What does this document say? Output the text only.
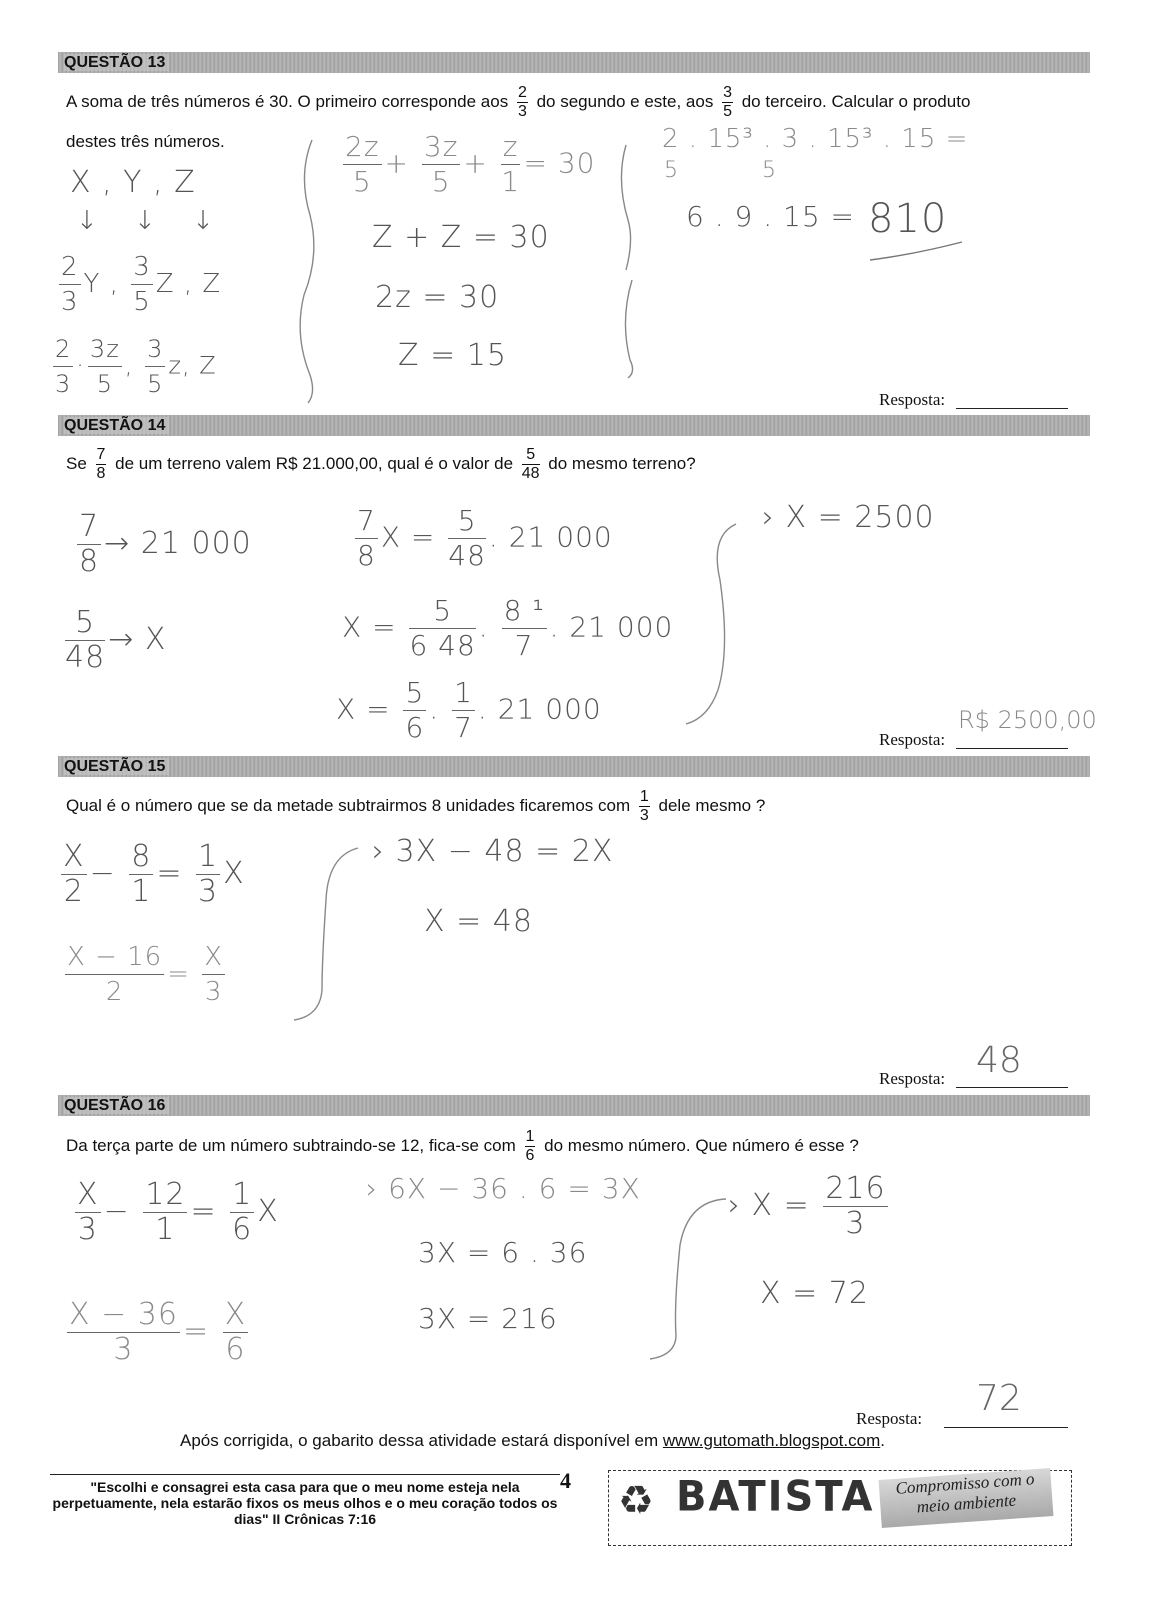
QUESTÃO 13
A soma de três números é 30. O primeiro corresponde aos $\frac{2}{3}$ do segundo e este, aos $\frac{3}{5}$ do terceiro. Calcular o produto
destes três números.
X , Y , Z
↓ ↓ ↓
$\frac{2}{3}$ Y , $\frac{3}{5}$ Z , Z
$\frac{2}{3} \cdot \frac{3z}{5}$ , $\frac{3}{5} z$, Z
$\frac{2z}{5} + \frac{3z}{5} + \frac{z}{1} = 30$
Z + Z = 30
2z = 30
Z = 15
2 . 15³ . 3 . 15³ . 15 =
5	5
6 . 9 . 15 = 810
Resposta:
QUESTÃO 14
Se $\frac{7}{8}$ de um terreno valem R$ 21.000,00, qual é o valor de $\frac{5}{48}$ do mesmo terreno?
$\frac{7}{8} \to 21$ 000
$\frac{5}{48} \to X$
$\frac{7}{8}$ $X = \frac{5}{48}$ . 21 000
$X = \frac{5}{6 48}$ . $\frac{\text{8 ¹}}{7}$ . 21 000
$X = \frac{5}{6}$ . $\frac{1}{7}$ . 21 000
› X = 2500
Resposta:
R$ 2500,00
QUESTÃO 15
Qual é o número que se da metade subtrairmos 8 unidades ficaremos com $\frac{1}{3}$ dele mesmo ?
$\frac{X}{2} - \frac{8}{1} = \frac{1}{3}$ X
$\frac{X - 16}{2} = \frac{X}{3}$
› 3X − 48 = 2X
X = 48
Resposta: 48
QUESTÃO 16
Da terça parte de um número subtraindo-se 12, fica-se com $\frac{1}{6}$ do mesmo número. Que número é esse ?
$\frac{X}{3} - \frac{12}{1} = \frac{1}{6}$ X
$\frac{X - 36}{3} = \frac{X}{6}$
› 6X − 36 . 6 = 3X
3X = 6 . 36
3X = 216
› $X = \frac{216}{3}$
X = 72
Resposta: 72
Após corrigida, o gabarito dessa atividade estará disponível em www.gutomath.blogspot.com.
"Escolhi e consagrei esta casa para que o meu nome esteja nela perpetuamente, nela estarão fixos os meus olhos e o meu coração todos os dias" II Crônicas 7:16
4 ♻ BATISTA	Compromisso com o meio ambiente
